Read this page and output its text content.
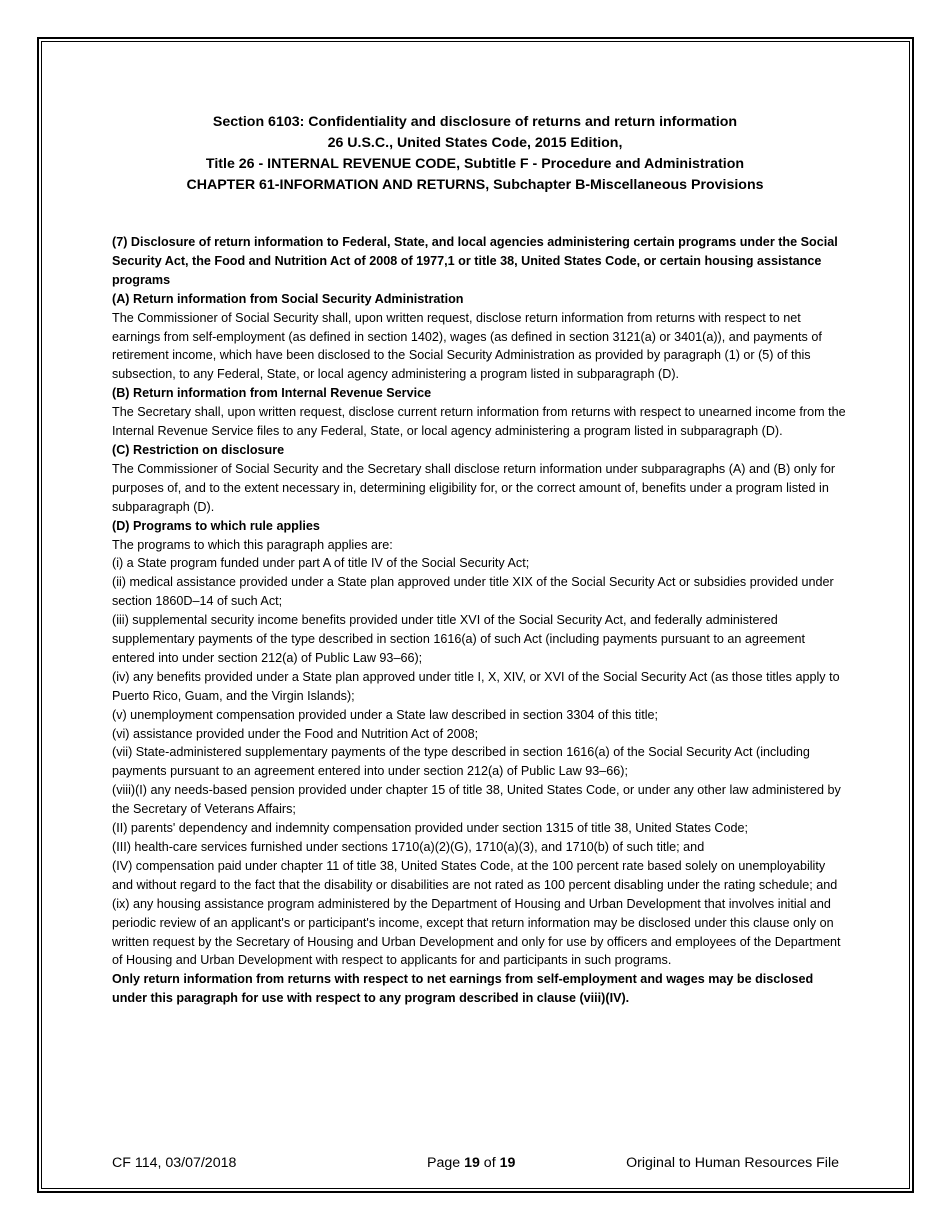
Section 6103: Confidentiality and disclosure of returns and return information
26 U.S.C., United States Code, 2015 Edition,
Title 26 - INTERNAL REVENUE CODE, Subtitle F - Procedure and Administration
CHAPTER 61-INFORMATION AND RETURNS, Subchapter B-Miscellaneous Provisions

(7) Disclosure of return information to Federal, State, and local agencies administering certain programs under the Social Security Act, the Food and Nutrition Act of 2008 of 1977,1 or title 38, United States Code, or certain housing assistance programs

(A) Return information from Social Security Administration

The Commissioner of Social Security shall, upon written request, disclose return information from returns with respect to net earnings from self-employment (as defined in section 1402), wages (as defined in section 3121(a) or 3401(a)), and payments of retirement income, which have been disclosed to the Social Security Administration as provided by paragraph (1) or (5) of this subsection, to any Federal, State, or local agency administering a program listed in subparagraph (D).

(B) Return information from Internal Revenue Service

The Secretary shall, upon written request, disclose current return information from returns with respect to unearned income from the Internal Revenue Service files to any Federal, State, or local agency administering a program listed in subparagraph (D).

(C) Restriction on disclosure

The Commissioner of Social Security and the Secretary shall disclose return information under subparagraphs (A) and (B) only for purposes of, and to the extent necessary in, determining eligibility for, or the correct amount of, benefits under a program listed in subparagraph (D).

(D) Programs to which rule applies

The programs to which this paragraph applies are:

(i) a State program funded under part A of title IV of the Social Security Act;

(ii) medical assistance provided under a State plan approved under title XIX of the Social Security Act or subsidies provided under section 1860D–14 of such Act;

(iii) supplemental security income benefits provided under title XVI of the Social Security Act, and federally administered supplementary payments of the type described in section 1616(a) of such Act (including payments pursuant to an agreement entered into under section 212(a) of Public Law 93–66);

(iv) any benefits provided under a State plan approved under title I, X, XIV, or XVI of the Social Security Act (as those titles apply to Puerto Rico, Guam, and the Virgin Islands);

(v) unemployment compensation provided under a State law described in section 3304 of this title;

(vi) assistance provided under the Food and Nutrition Act of 2008;

(vii) State-administered supplementary payments of the type described in section 1616(a) of the Social Security Act (including payments pursuant to an agreement entered into under section 212(a) of Public Law 93–66);

(viii)(I) any needs-based pension provided under chapter 15 of title 38, United States Code, or under any other law administered by the Secretary of Veterans Affairs;

(II) parents' dependency and indemnity compensation provided under section 1315 of title 38, United States Code;

(III) health-care services furnished under sections 1710(a)(2)(G), 1710(a)(3), and 1710(b) of such title; and

(IV) compensation paid under chapter 11 of title 38, United States Code, at the 100 percent rate based solely on unemployability and without regard to the fact that the disability or disabilities are not rated as 100 percent disabling under the rating schedule; and

(ix) any housing assistance program administered by the Department of Housing and Urban Development that involves initial and periodic review of an applicant's or participant's income, except that return information may be disclosed under this clause only on written request by the Secretary of Housing and Urban Development and only for use by officers and employees of the Department of Housing and Urban Development with respect to applicants for and participants in such programs.

Only return information from returns with respect to net earnings from self-employment and wages may be disclosed under this paragraph for use with respect to any program described in clause (viii)(IV).

CF 114, 03/07/2018	Page 19 of 19	Original to Human Resources File
